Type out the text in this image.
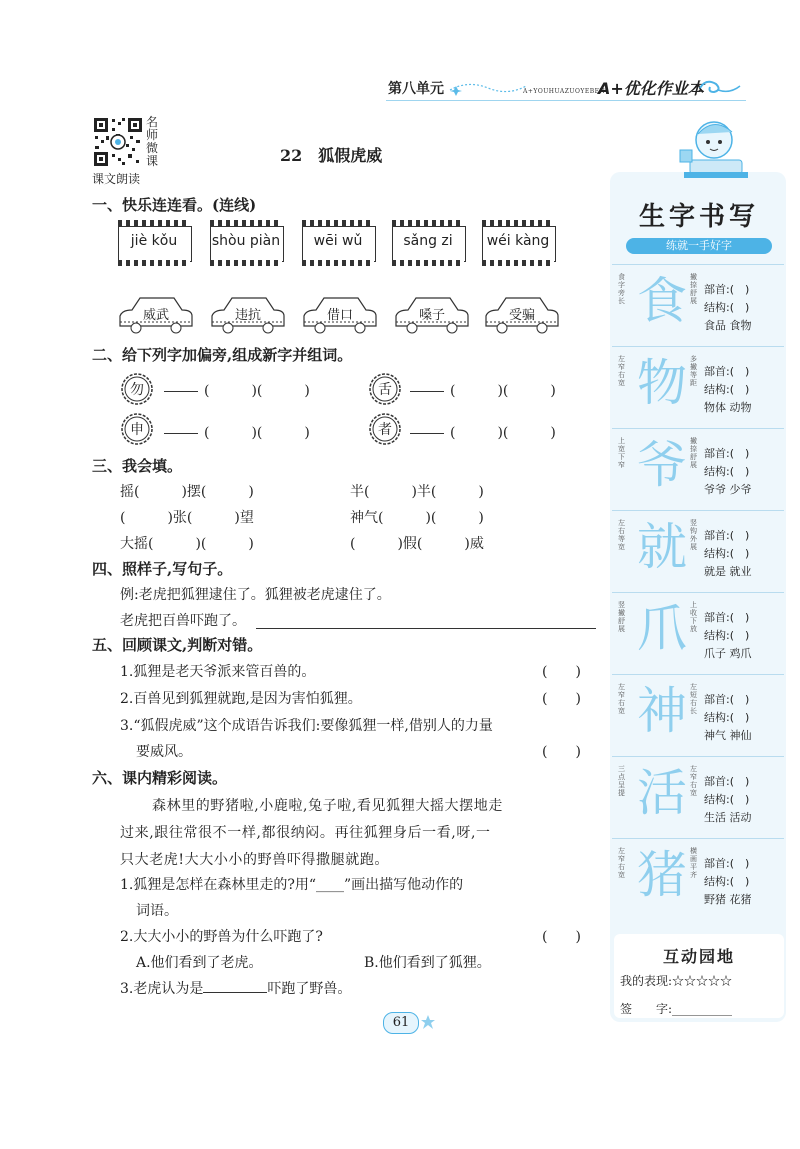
第八单元	A+YOUHUAZUOYEBEN
A+优化作业本
名师微课
课文朗读
22　狐假虎威
一、快乐连连看。(连线)
jiè kǒu	shòu piàn	wēi wǔ	sǎng zi	wéi kàng
威武	违抗	借口	嗓子	受骗
二、给下列字加偏旁,组成新字并组词。
勿	(　　　)(　　　)	舌	(　　　)(　　　)
申	(　　　)(　　　)	者	(　　　)(　　　)
三、我会填。
摇(　　　)摆(　　　)	半(　　　)半(　　　)
(　　　)张(　　　)望	神气(　　　)(　　　)
大摇(　　　)(　　　)	(　　　)假(　　　)威
四、照样子,写句子。
例:老虎把狐狸逮住了。狐狸被老虎逮住了。
老虎把百兽吓跑了。
五、回顾课文,判断对错。
1.狐狸是老天爷派来管百兽的。	(　　)
2.百兽见到狐狸就跑,是因为害怕狐狸。	(　　)
3.“狐假虎威”这个成语告诉我们:要像狐狸一样,借别人的力量
要威风。	(　　)
六、课内精彩阅读。
森林里的野猪啦,小鹿啦,兔子啦,看见狐狸大摇大摆地走
过来,跟往常很不一样,都很纳闷。再往狐狸身后一看,呀,一
只大老虎!大大小小的野兽吓得撒腿就跑。
1.狐狸是怎样在森林里走的?用“____”画出描写他动作的
词语。
2.大大小小的野兽为什么吓跑了?	(　　)
A.他们看到了老虎。	B.他们看到了狐狸。
3.老虎认为是	吓跑了野兽。
生字书写
练就一手好字
食字旁长 食 撇捺舒展
部首:(　)
结构:(　)
食品 食物
左窄右宽 物 多撇等距
部首:(　)
结构:(　)
物体 动物
上宽下窄 爷 撇捺舒展
部首:(　)
结构:(　)
爷爷 少爷
左右等宽 就 竖钩外展
部首:(　)
结构:(　)
就是 就业
竖撇舒展 爪 上收下放
部首:(　)
结构:(　)
爪子 鸡爪
左窄右宽 神 左短右长
部首:(　)
结构:(　)
神气 神仙
三点呈提 活 左窄右宽
部首:(　)
结构:(　)
生活 活动
左窄右宽 猪 横画平齐
部首:(　)
结构:(　)
野猪 花猪
互动园地
我的表现:☆☆☆☆☆
签　　字:__________
61
